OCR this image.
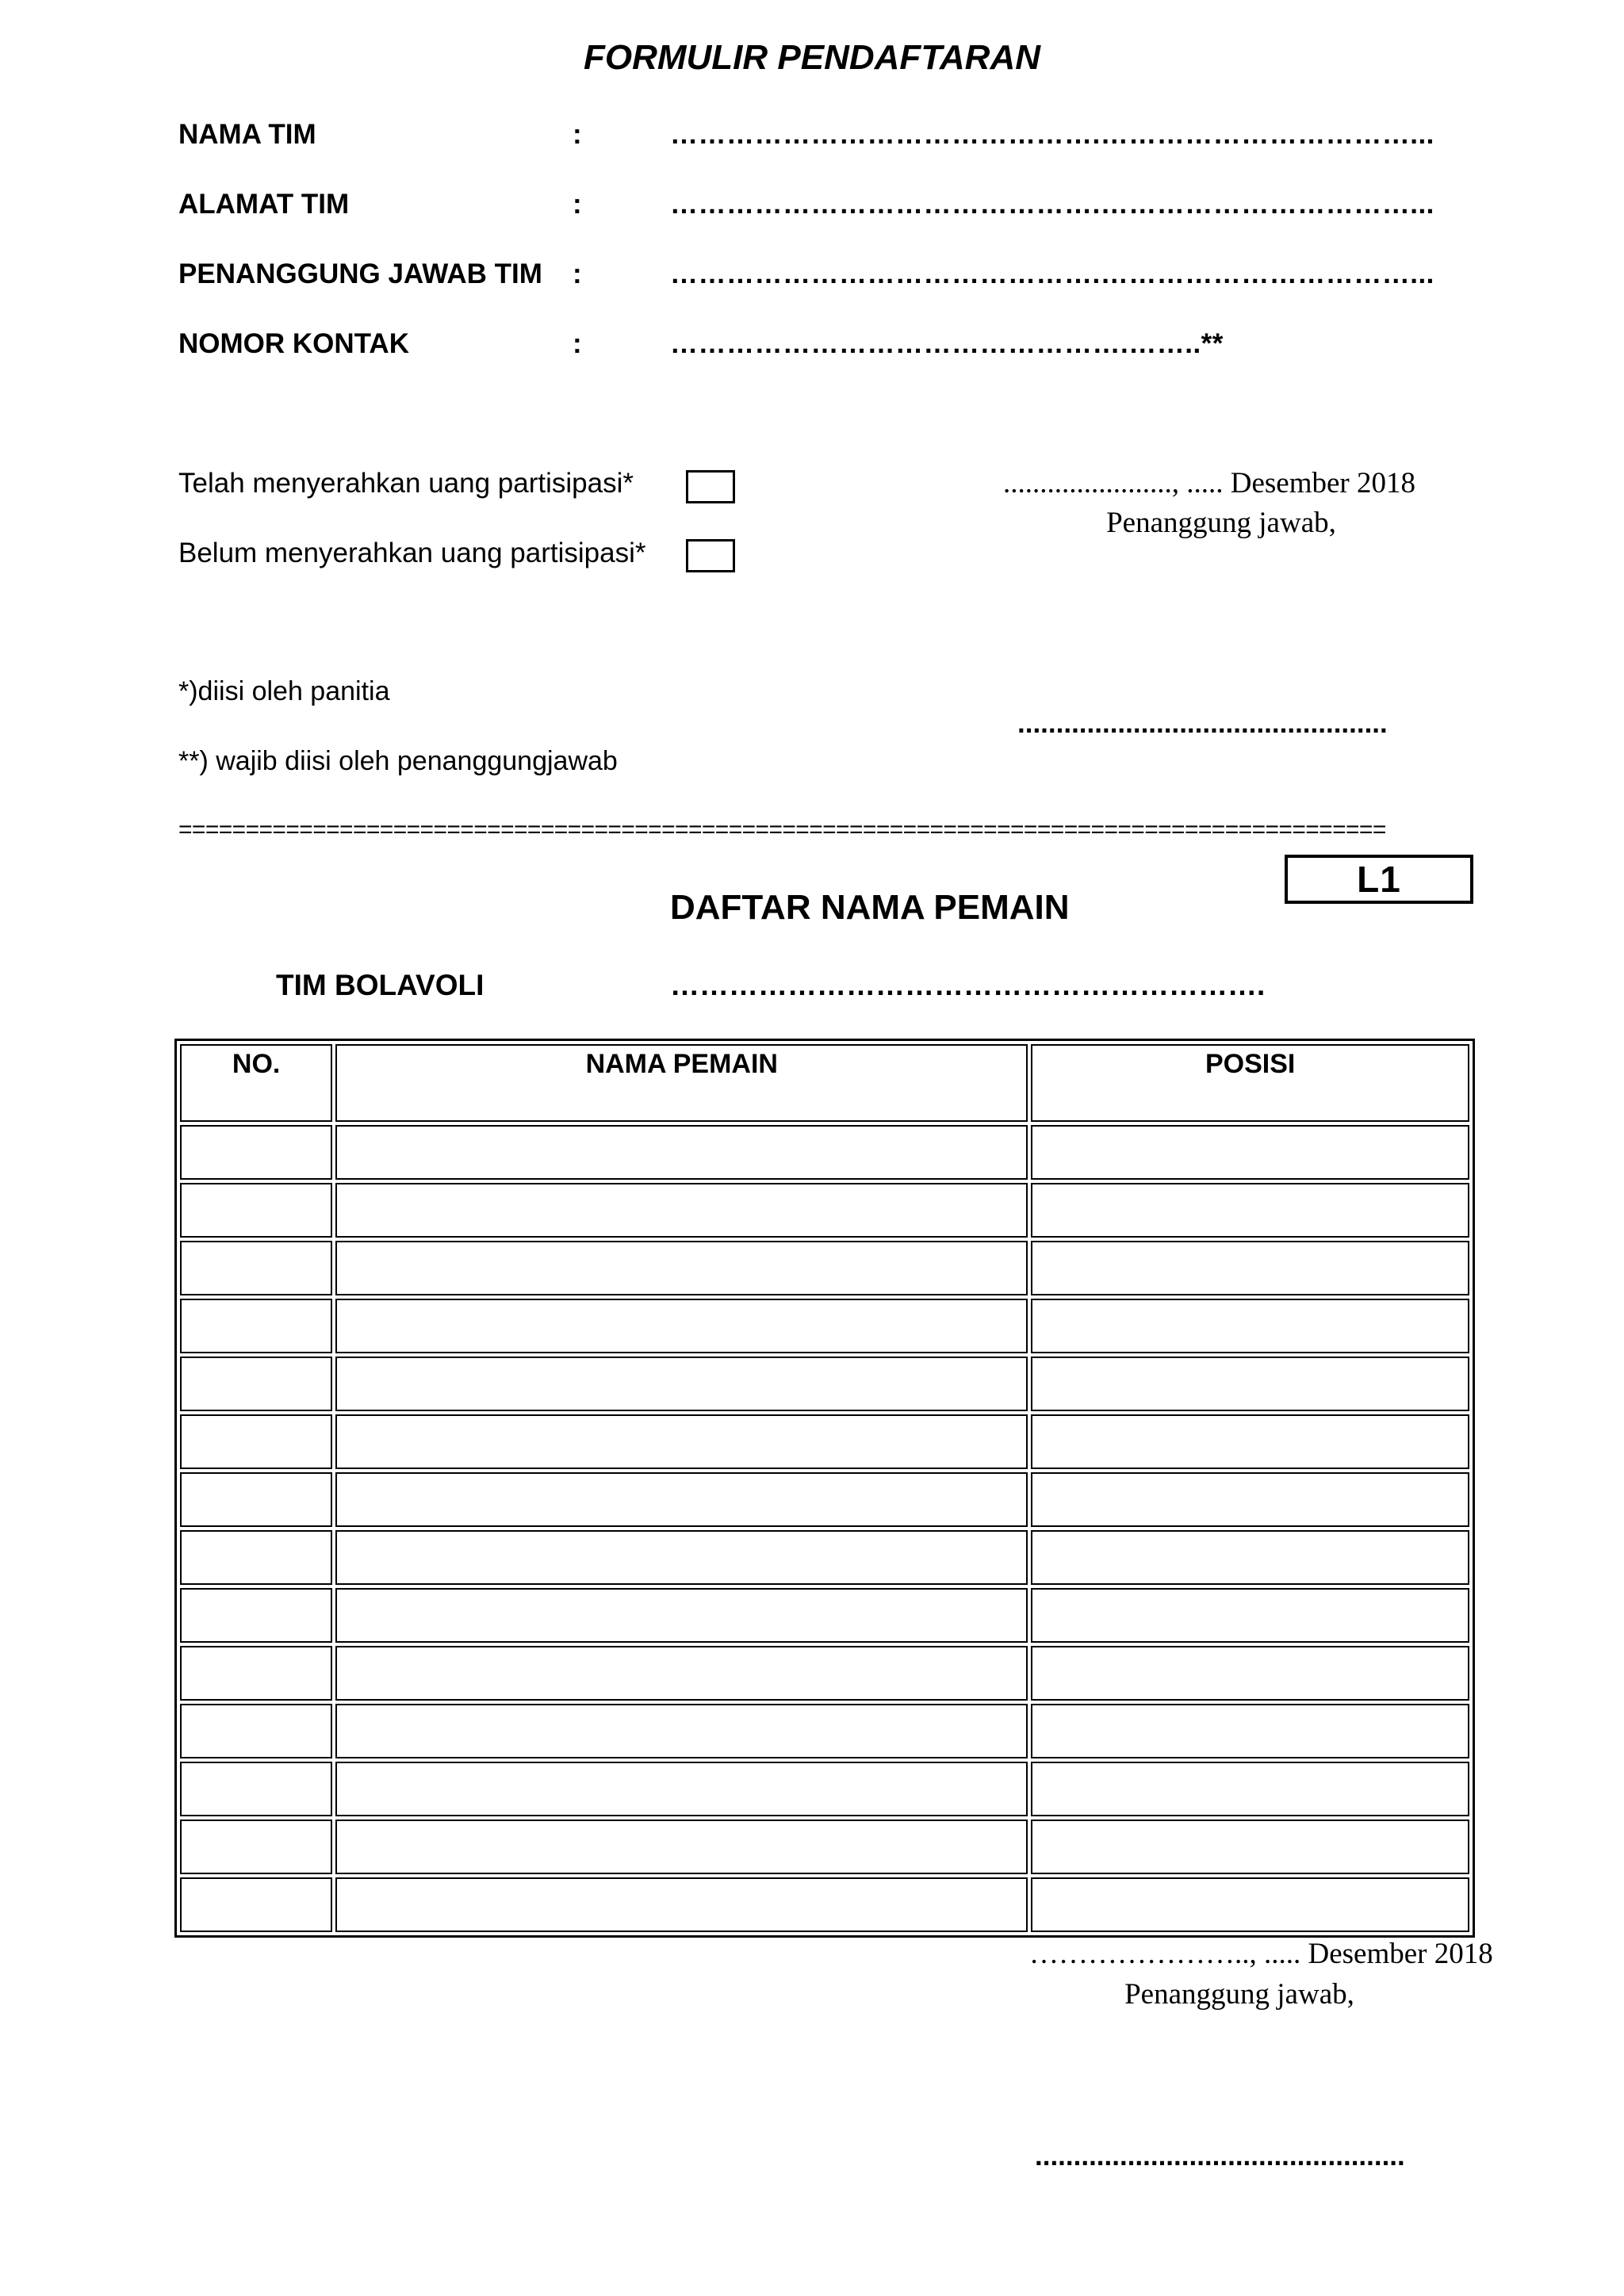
FORMULIR PENDAFTARAN
NAMA TIM	:	……………………………………….……………………………...
ALAMAT TIM	:	……………………………………….……………………………...
PENANGGUNG JAWAB TIM :	……………………………………….……………………………...
NOMOR KONTAK	:	………………………………………….……..**
Telah menyerahkan uang partisipasi*
Belum menyerahkan uang partisipasi*
......................., ..... Desember 2018
Penanggung jawab,
................................................
*)diisi oleh panitia
**) wajib diisi oleh penanggungjawab
==========================================================================================
L1
DAFTAR NAMA PEMAIN
TIM BOLAVOLI	…………………………………………………….
NO.	NAMA PEMAIN	POSISI

………………….., ..... Desember 2018
Penanggung jawab,
................................................
